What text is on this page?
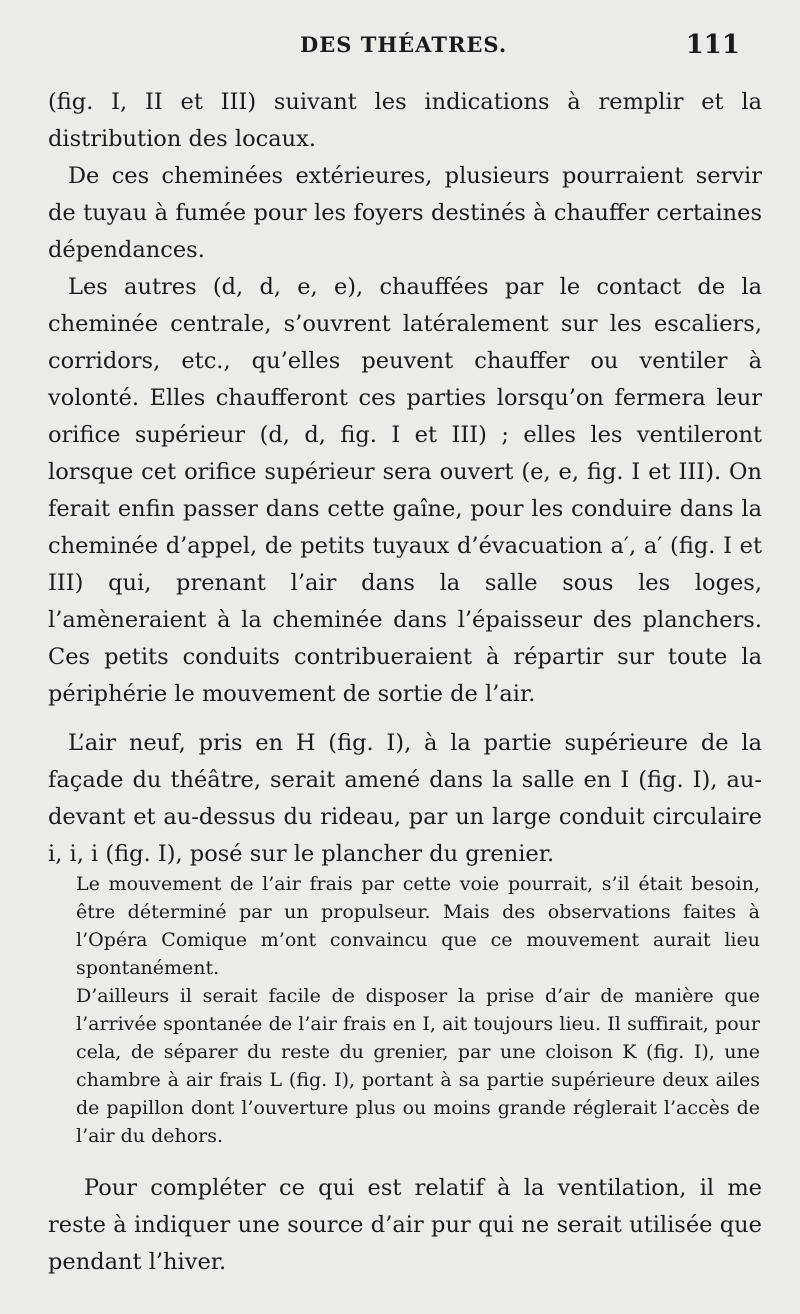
DES THÉATRES.	111

(fig. I, II et III) suivant les indications à remplir et la distribution des locaux.

De ces cheminées extérieures, plusieurs pourraient servir de tuyau à fumée pour les foyers destinés à chauffer certaines dépendances.

Les autres (d, d, e, e), chauffées par le contact de la cheminée centrale, s’ouvrent latéralement sur les escaliers, corridors, etc., qu’elles peuvent chauffer ou ventiler à volonté. Elles chaufferont ces parties lorsqu’on fermera leur orifice supérieur (d, d, fig. I et III) ; elles les ventileront lorsque cet orifice supérieur sera ouvert (e, e, fig. I et III). On ferait enfin passer dans cette gaîne, pour les conduire dans la cheminée d’appel, de petits tuyaux d’évacuation a′, a′ (fig. I et III) qui, prenant l’air dans la salle sous les loges, l’amèneraient à la cheminée dans l’épaisseur des planchers. Ces petits conduits contribueraient à répartir sur toute la périphérie le mouvement de sortie de l’air.

L’air neuf, pris en H (fig. I), à la partie supérieure de la façade du théâtre, serait amené dans la salle en I (fig. I), au-devant et au-dessus du rideau, par un large conduit circulaire i, i, i (fig. I), posé sur le plancher du grenier.

Le mouvement de l’air frais par cette voie pourrait, s’il était besoin, être déterminé par un propulseur. Mais des observations faites à l’Opéra Comique m’ont convaincu que ce mouvement aurait lieu spontanément.

D’ailleurs il serait facile de disposer la prise d’air de manière que l’arrivée spontanée de l’air frais en I, ait toujours lieu. Il suffirait, pour cela, de séparer du reste du grenier, par une cloison K (fig. I), une chambre à air frais L (fig. I), portant à sa partie supérieure deux ailes de papillon dont l’ouverture plus ou moins grande réglerait l’accès de l’air du dehors.

Pour compléter ce qui est relatif à la ventilation, il me reste à indiquer une source d’air pur qui ne serait utilisée que pendant l’hiver.
